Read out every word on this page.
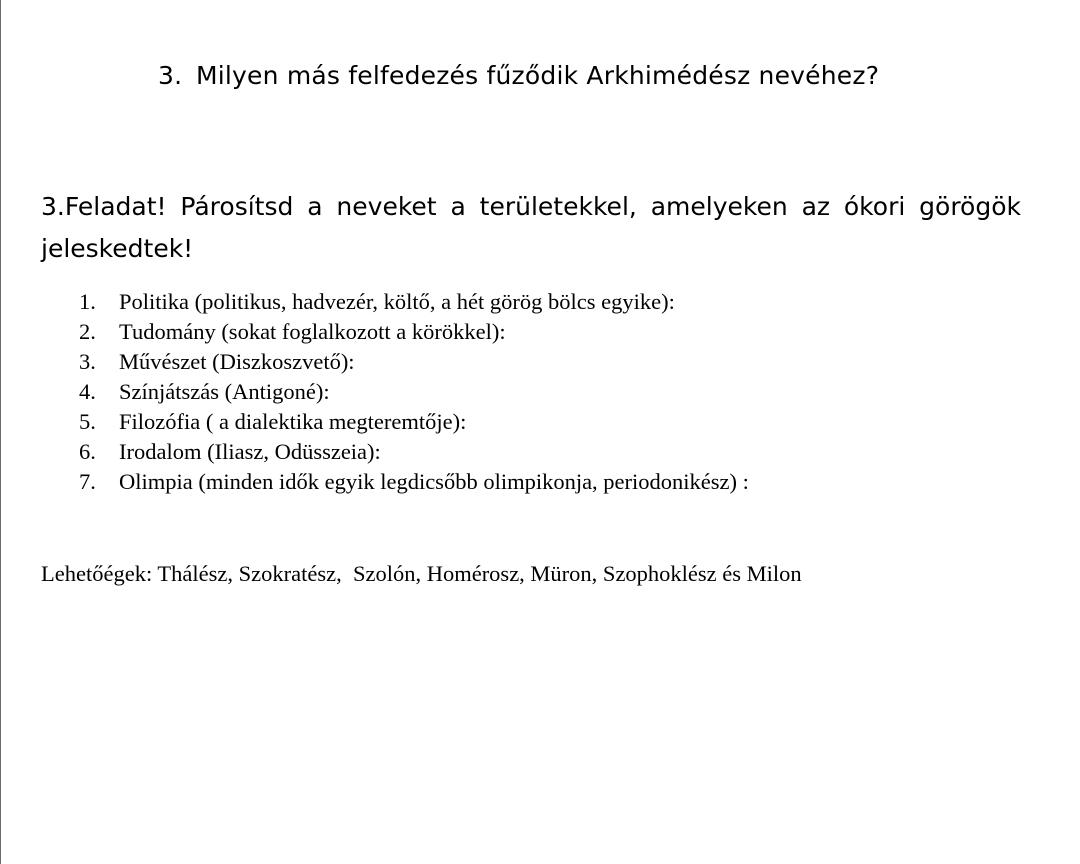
3. Milyen más felfedezés fűződik Arkhimédész nevéhez?
3.Feladat! Párosítsd a neveket a területekkel, amelyeken az ókori görögök jeleskedtek!
1.	Politika (politikus, hadvezér, költő, a hét görög bölcs egyike):
2.	Tudomány (sokat foglalkozott a körökkel):
3.	Művészet (Diszkoszvető):
4.	Színjátszás (Antigoné):
5.	Filozófia ( a dialektika megteremtője):
6.	Irodalom (Iliasz, Odüsszeia):
7.	Olimpia (minden idők egyik legdicsőbb olimpikonja, periodonikész) :
Lehetőégek: Thálész, Szokratész,  Szolón, Homérosz, Müron, Szophoklész és Milon
